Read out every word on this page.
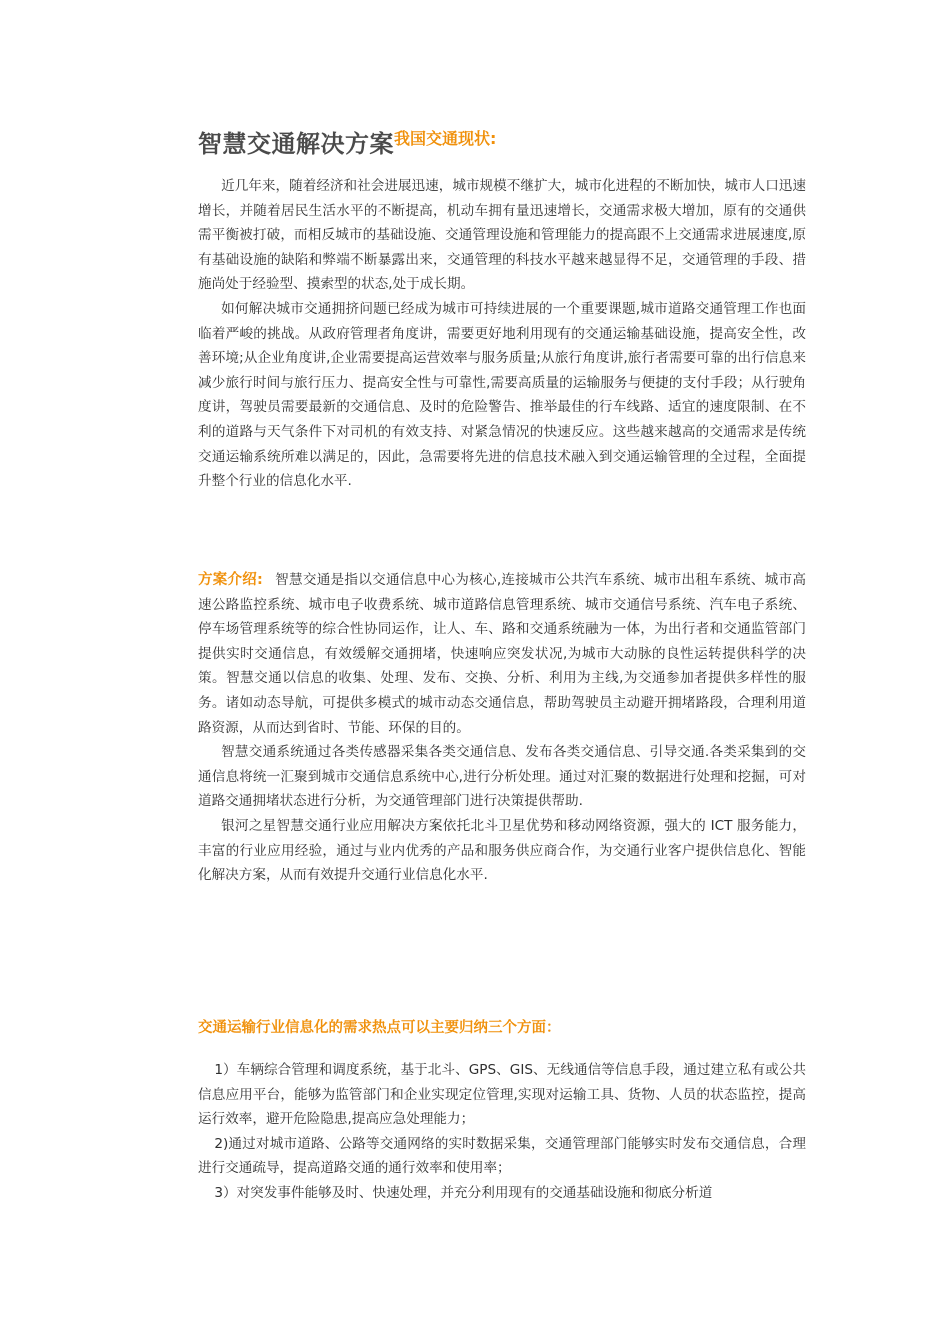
智慧交通解决方案我国交通现状:

近几年来，随着经济和社会进展迅速，城市规模不继扩大，城市化进程的不断加快，城市人口迅速增长，并随着居民生活水平的不断提高，机动车拥有量迅速增长，交通需求极大增加，原有的交通供需平衡被打破，而相反城市的基础设施、交通管理设施和管理能力的提高跟不上交通需求进展速度,原有基础设施的缺陷和弊端不断暴露出来，交通管理的科技水平越来越显得不足，交通管理的手段、措施尚处于经验型、摸索型的状态,处于成长期。

如何解决城市交通拥挤问题已经成为城市可持续进展的一个重要课题,城市道路交通管理工作也面临着严峻的挑战。从政府管理者角度讲，需要更好地利用现有的交通运输基础设施，提高安全性，改善环境;从企业角度讲,企业需要提高运营效率与服务质量;从旅行角度讲,旅行者需要可靠的出行信息来减少旅行时间与旅行压力、提高安全性与可靠性,需要高质量的运输服务与便捷的支付手段；从行驶角度讲，驾驶员需要最新的交通信息、及时的危险警告、推举最佳的行车线路、适宜的速度限制、在不利的道路与天气条件下对司机的有效支持、对紧急情况的快速反应。这些越来越高的交通需求是传统交通运输系统所难以满足的，因此，急需要将先进的信息技术融入到交通运输管理的全过程，全面提升整个行业的信息化水平.

方案介绍: 智慧交通是指以交通信息中心为核心,连接城市公共汽车系统、城市出租车系统、城市高速公路监控系统、城市电子收费系统、城市道路信息管理系统、城市交通信号系统、汽车电子系统、停车场管理系统等的综合性协同运作，让人、车、路和交通系统融为一体，为出行者和交通监管部门提供实时交通信息，有效缓解交通拥堵，快速响应突发状况,为城市大动脉的良性运转提供科学的决策。智慧交通以信息的收集、处理、发布、交换、分析、利用为主线,为交通参加者提供多样性的服务。诸如动态导航，可提供多模式的城市动态交通信息，帮助驾驶员主动避开拥堵路段，合理利用道路资源，从而达到省时、节能、环保的目的。

智慧交通系统通过各类传感器采集各类交通信息、发布各类交通信息、引导交通.各类采集到的交通信息将统一汇聚到城市交通信息系统中心,进行分析处理。通过对汇聚的数据进行处理和挖掘，可对道路交通拥堵状态进行分析，为交通管理部门进行决策提供帮助.

银河之星智慧交通行业应用解决方案依托北斗卫星优势和移动网络资源，强大的 ICT 服务能力，丰富的行业应用经验，通过与业内优秀的产品和服务供应商合作，为交通行业客户提供信息化、智能化解决方案，从而有效提升交通行业信息化水平.

交通运输行业信息化的需求热点可以主要归纳三个方面：

1）车辆综合管理和调度系统，基于北斗、GPS、GIS、无线通信等信息手段，通过建立私有或公共信息应用平台，能够为监管部门和企业实现定位管理,实现对运输工具、货物、人员的状态监控，提高运行效率，避开危险隐患,提高应急处理能力；

2)通过对城市道路、公路等交通网络的实时数据采集，交通管理部门能够实时发布交通信息，合理进行交通疏导，提高道路交通的通行效率和使用率；

3）对突发事件能够及时、快速处理，并充分利用现有的交通基础设施和彻底分析道
